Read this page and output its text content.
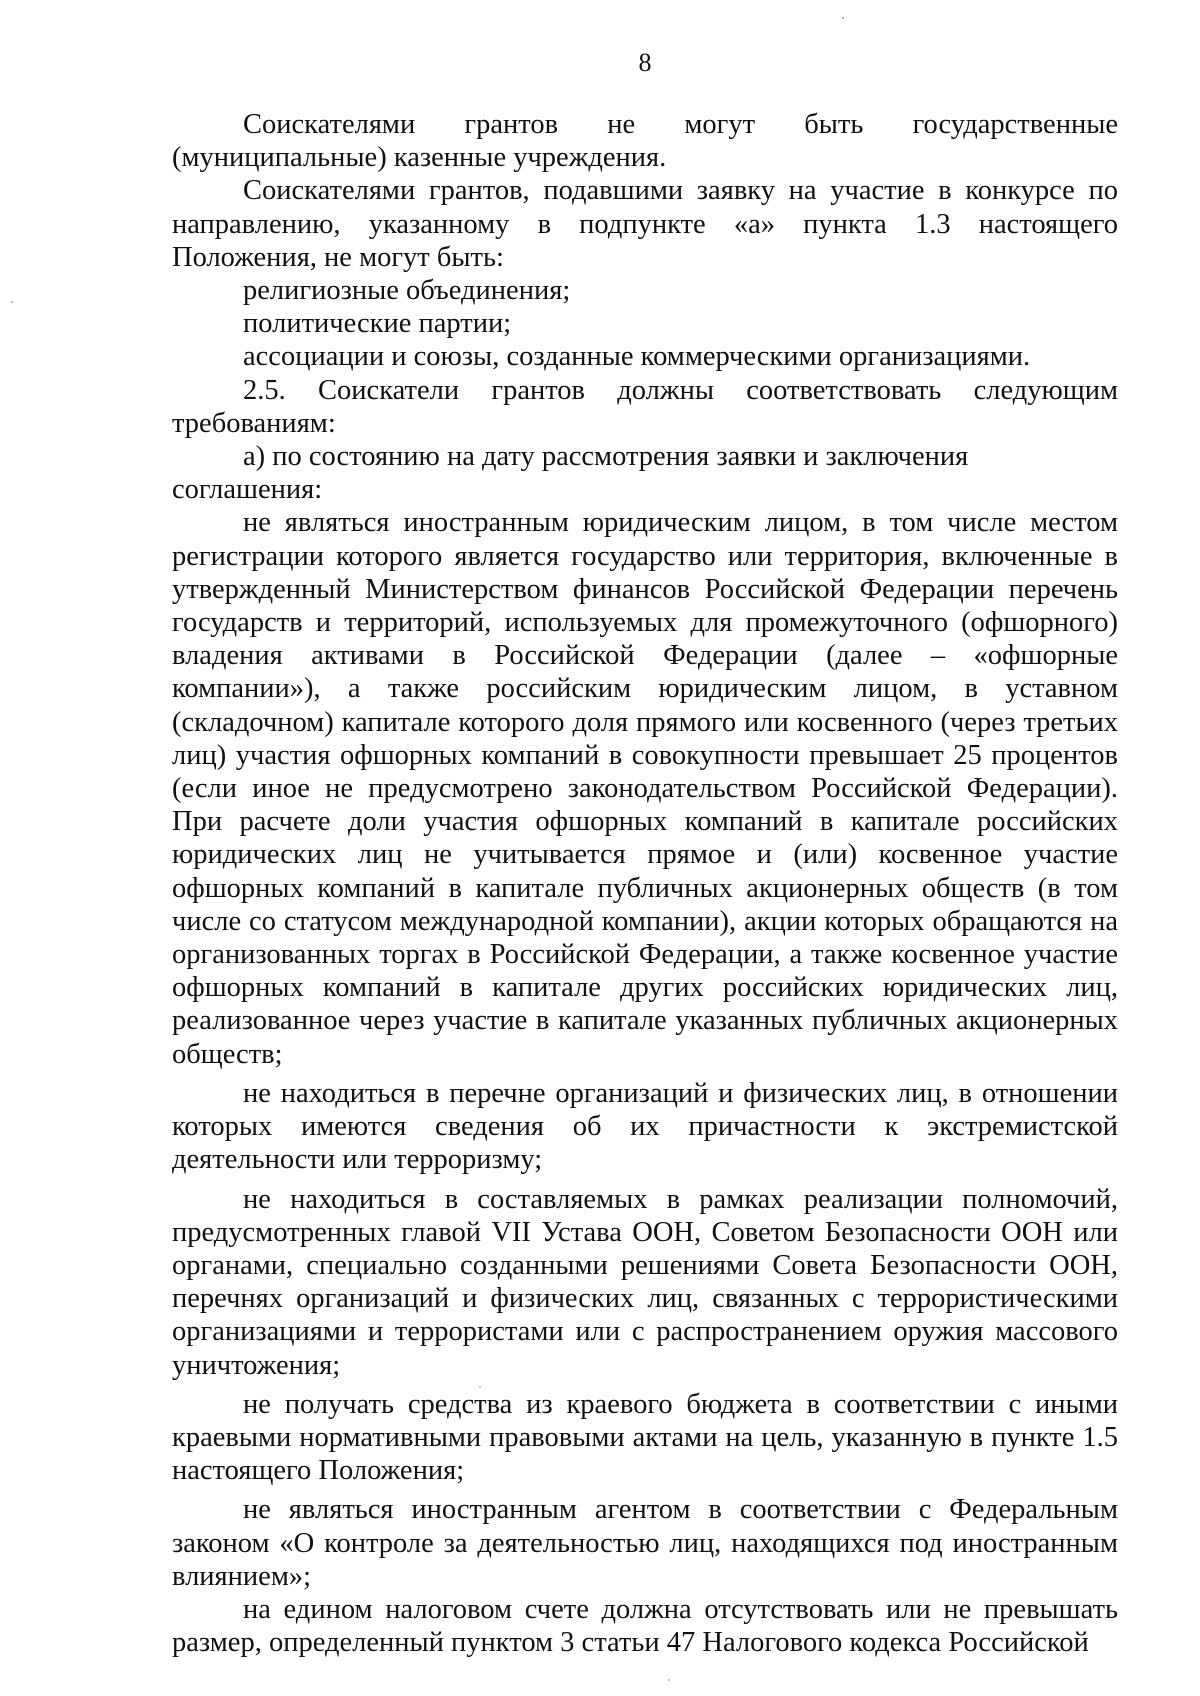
8

Соискателями грантов не могут быть государственные (муниципальные) казенные учреждения.

Соискателями грантов, подавшими заявку на участие в конкурсе по направлению, указанному в подпункте «а» пункта 1.3 настоящего Положения, не могут быть:

религиозные объединения;

политические партии;

ассоциации и союзы, созданные коммерческими организациями.

2.5. Соискатели грантов должны соответствовать следующим требованиям:

а) по состоянию на дату рассмотрения заявки и заключения соглашения:

не являться иностранным юридическим лицом, в том числе местом регистрации которого является государство или территория, включенные в утвержденный Министерством финансов Российской Федерации перечень государств и территорий, используемых для промежуточного (офшорного) владения активами в Российской Федерации (далее – «офшорные компании»), а также российским юридическим лицом, в уставном (складочном) капитале которого доля прямого или косвенного (через третьих лиц) участия офшорных компаний в совокупности превышает 25 процентов (если иное не предусмотрено законодательством Российской Федерации). При расчете доли участия офшорных компаний в капитале российских юридических лиц не учитывается прямое и (или) косвенное участие офшорных компаний в капитале публичных акционерных обществ (в том числе со статусом международной компании), акции которых обращаются на организованных торгах в Российской Федерации, а также косвенное участие офшорных компаний в капитале других российских юридических лиц, реализованное через участие в капитале указанных публичных акционерных обществ;

не находиться в перечне организаций и физических лиц, в отношении которых имеются сведения об их причастности к экстремистской деятельности или терроризму;

не находиться в составляемых в рамках реализации полномочий, предусмотренных главой VII Устава ООН, Советом Безопасности ООН или органами, специально созданными решениями Совета Безопасности ООН, перечнях организаций и физических лиц, связанных с террористическими организациями и террористами или с распространением оружия массового уничтожения;

не получать средства из краевого бюджета в соответствии с иными краевыми нормативными правовыми актами на цель, указанную в пункте 1.5 настоящего Положения;

не являться иностранным агентом в соответствии с Федеральным законом «О контроле за деятельностью лиц, находящихся под иностранным влиянием»;

на едином налоговом счете должна отсутствовать или не превышать размер, определенный пунктом 3 статьи 47 Налогового кодекса Российской
